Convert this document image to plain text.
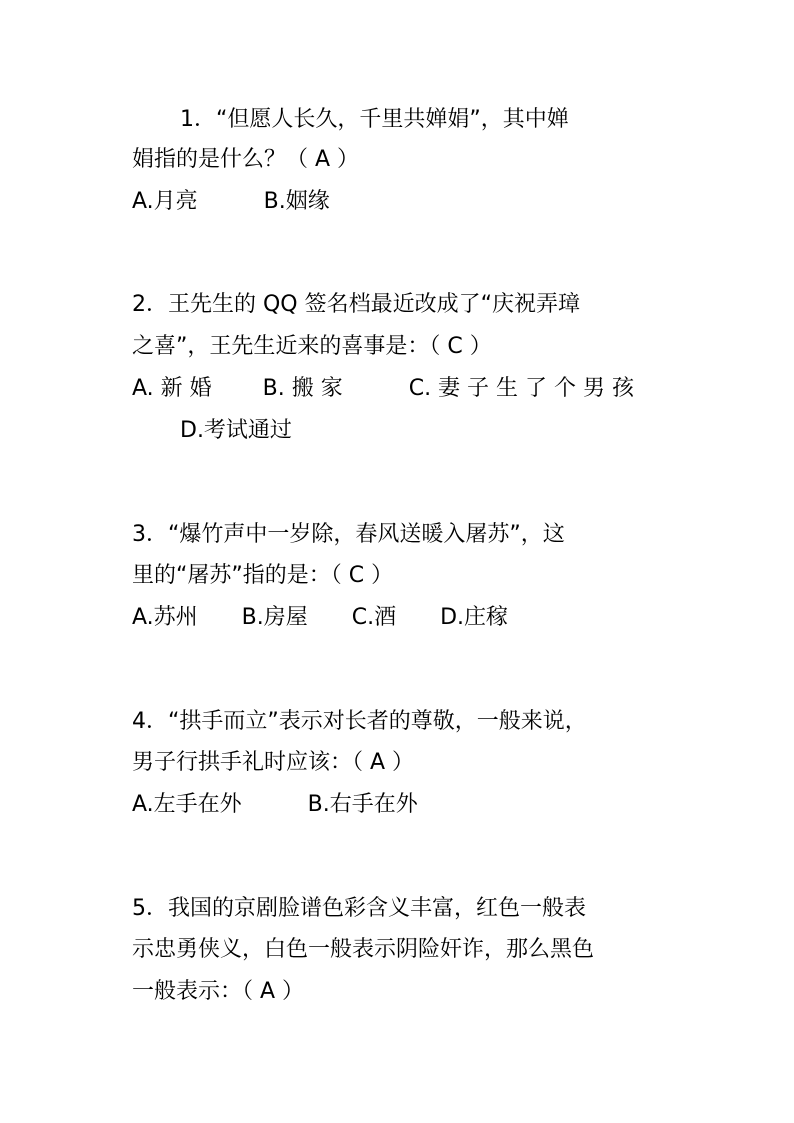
1．“但愿人长久，千里共婵娟”，其中婵
娟指的是什么？（ A ）
A.月亮　　　B.姻缘
2．王先生的 QQ 签名档最近改成了“庆祝弄璋
之喜”，王先生近来的喜事是：（ C ）
A. 新 婚　　 B. 搬 家　　　C. 妻 子 生 了 个 男 孩
D.考试通过
3．“爆竹声中一岁除，春风送暖入屠苏”，这
里的“屠苏”指的是：（ C ）
A.苏州　　B.房屋　　C.酒　　D.庄稼
4．“拱手而立”表示对长者的尊敬，一般来说，
男子行拱手礼时应该：（ A ）
A.左手在外　　　B.右手在外
5．我国的京剧脸谱色彩含义丰富，红色一般表
示忠勇侠义，白色一般表示阴险奸诈，那么黑色
一般表示：（ A ）
